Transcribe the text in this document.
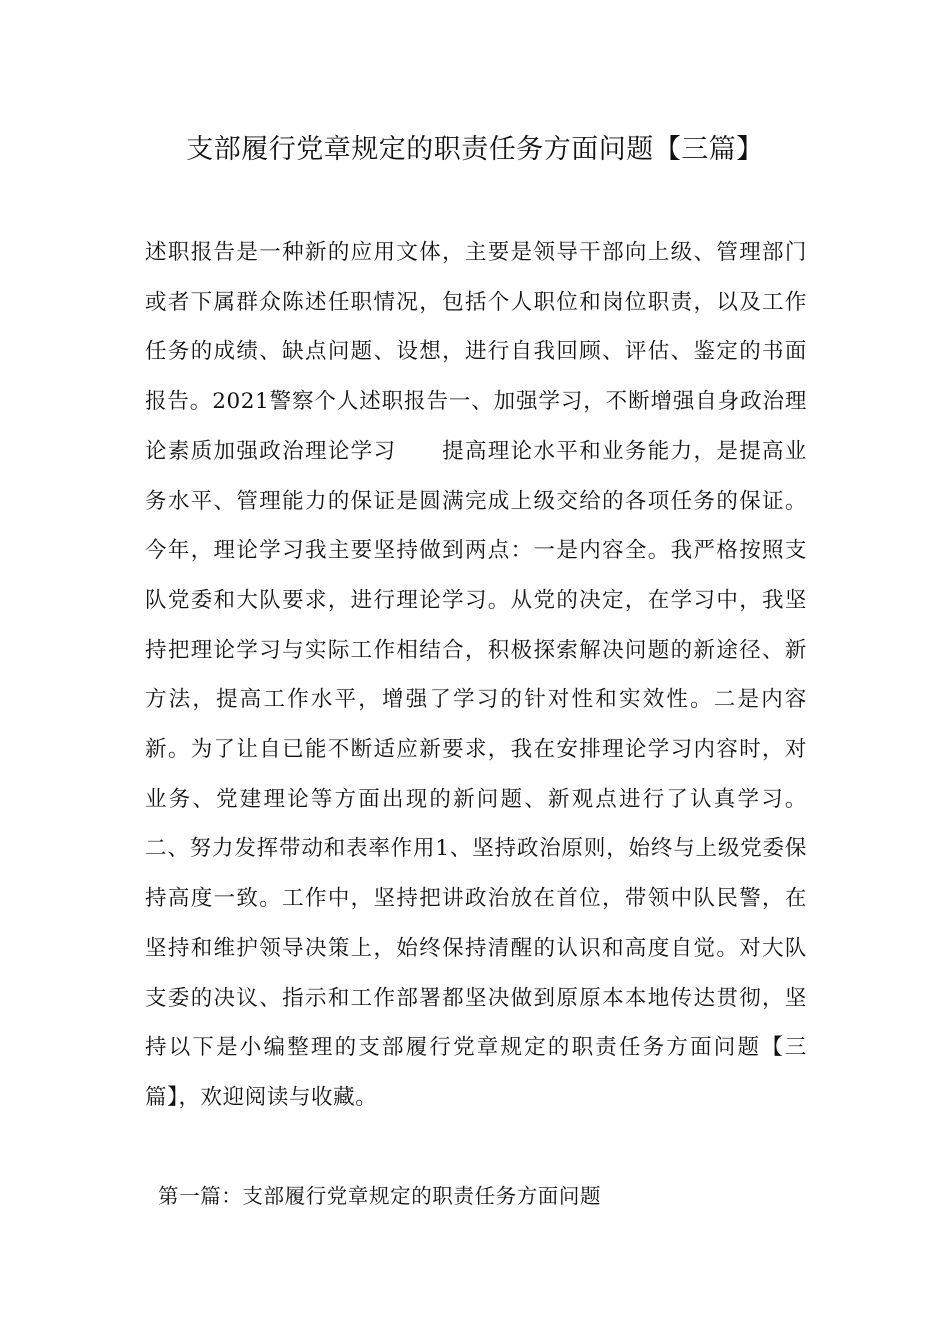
支部履行党章规定的职责任务方面问题【三篇】

述职报告是一种新的应用文体，主要是领导干部向上级、管理部门或者下属群众陈述任职情况，包括个人职位和岗位职责，以及工作任务的成绩、缺点问题、设想，进行自我回顾、评估、鉴定的书面报告。2021警察个人述职报告一、加强学习，不断增强自身政治理论素质加强政治理论学习　　提高理论水平和业务能力，是提高业务水平、管理能力的保证是圆满完成上级交给的各项任务的保证。今年，理论学习我主要坚持做到两点：一是内容全。我严格按照支队党委和大队要求，进行理论学习。从党的决定，在学习中，我坚持把理论学习与实际工作相结合，积极探索解决问题的新途径、新方法，提高工作水平，增强了学习的针对性和实效性。二是内容新。为了让自已能不断适应新要求，我在安排理论学习内容时，对业务、党建理论等方面出现的新问题、新观点进行了认真学习。二、努力发挥带动和表率作用1、坚持政治原则，始终与上级党委保持高度一致。工作中，坚持把讲政治放在首位，带领中队民警，在坚持和维护领导决策上，始终保持清醒的认识和高度自觉。对大队支委的决议、指示和工作部署都坚决做到原原本本地传达贯彻，坚持以下是小编整理的支部履行党章规定的职责任务方面问题【三篇】，欢迎阅读与收藏。

第一篇：支部履行党章规定的职责任务方面问题
